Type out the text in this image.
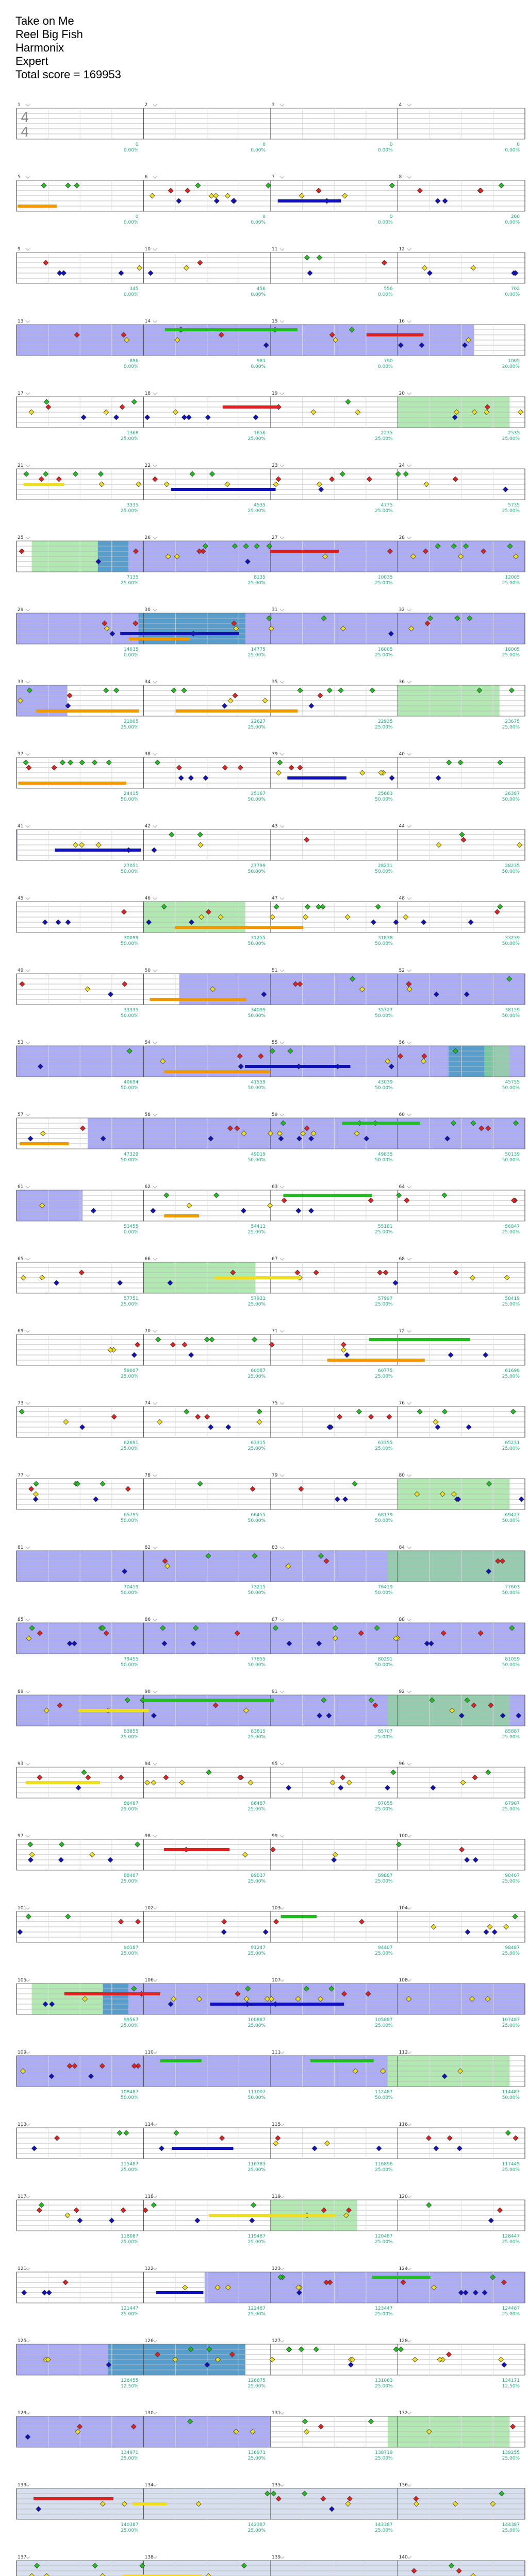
Take on Me
Reel Big Fish
Harmonix
Expert
Total score = 169953
4
4
1
0
0.00%
2
0
0.00%
3
0
0.00%
4
0
0.00%
5
0
0.00%
6
0
0.00%
7
0
0.00%
8
200
0.00%
9
345
0.00%
10
456
0.00%
11
556
0.00%
12
702
0.00%
13
896
0.00%
14
981
0.00%
15
790
0.00%
16
1005
20.00%
17
1368
25.00%
18
1656
25.00%
19
2235
25.00%
20
2535
25.00%
21
3535
25.00%
22
4535
25.00%
23
4775
25.00%
24
5735
25.00%
25
7135
25.00%
26
8135
25.00%
27
10035
25.00%
28
12005
25.00%
29
14035
0.00%
30
14775
25.00%
31
16005
25.00%
32
18005
25.00%
33
21005
25.00%
34
22627
25.00%
35
22935
25.00%
36
23675
25.00%
37
24415
50.00%
38
25167
50.00%
39
25663
50.00%
40
26387
50.00%
41
27051
50.00%
42
27799
50.00%
43
28231
50.00%
44
28235
50.00%
45
30099
50.00%
46
31255
50.00%
47
31838
50.00%
48
33239
50.00%
49
33335
50.00%
50
34099
50.00%
51
35727
50.00%
52
38159
50.00%
53
40694
50.00%
54
41559
50.00%
55
43039
50.00%
56
45755
50.00%
57
47329
50.00%
58
49019
50.00%
59
49835
50.00%
60
50139
50.00%
61
53455
0.00%
62
54411
25.00%
63
55181
25.00%
64
56847
25.00%
65
57751
25.00%
66
57931
25.00%
67
57997
25.00%
68
58419
25.00%
69
59007
25.00%
70
60087
25.00%
71
60775
25.00%
72
61699
25.00%
73
62691
25.00%
74
63315
25.00%
75
63355
25.00%
76
65231
25.00%
77
65795
50.00%
78
66455
50.00%
79
68179
50.00%
80
69427
50.00%
81
70419
50.00%
82
73215
50.00%
83
76419
50.00%
84
77603
50.00%
85
79455
50.00%
86
77855
50.00%
87
80291
50.00%
88
81059
50.00%
89
83855
25.00%
90
83815
25.00%
91
85707
25.00%
92
85887
25.00%
93
86487
25.00%
94
86487
25.00%
95
87055
25.00%
96
87907
25.00%
97
88407
25.00%
98
89037
25.00%
99
89887
25.00%
100
90407
25.00%
101
90187
25.00%
102
91247
25.00%
103
94407
25.00%
104
98487
25.00%
105
99567
25.00%
106
100887
25.00%
107
105887
25.00%
108
107487
25.00%
109
108487
50.00%
110
111007
50.00%
111
112487
50.00%
112
114487
50.00%
113
115487
25.00%
114
116783
25.00%
115
116896
25.00%
116
117445
25.00%
117
118087
25.00%
118
119487
25.00%
119
120487
25.00%
120
128447
25.00%
121
121447
25.00%
122
122487
25.00%
123
123447
25.00%
124
124487
25.00%
125
126455
12.50%
126
126875
25.00%
127
131063
25.00%
128
134171
12.50%
129
134971
25.00%
130
136971
25.00%
131
138719
25.00%
132
139255
25.00%
133
140387
25.00%
134
142387
25.00%
135
143387
25.00%
136
144387
25.00%
137	138	139	140
